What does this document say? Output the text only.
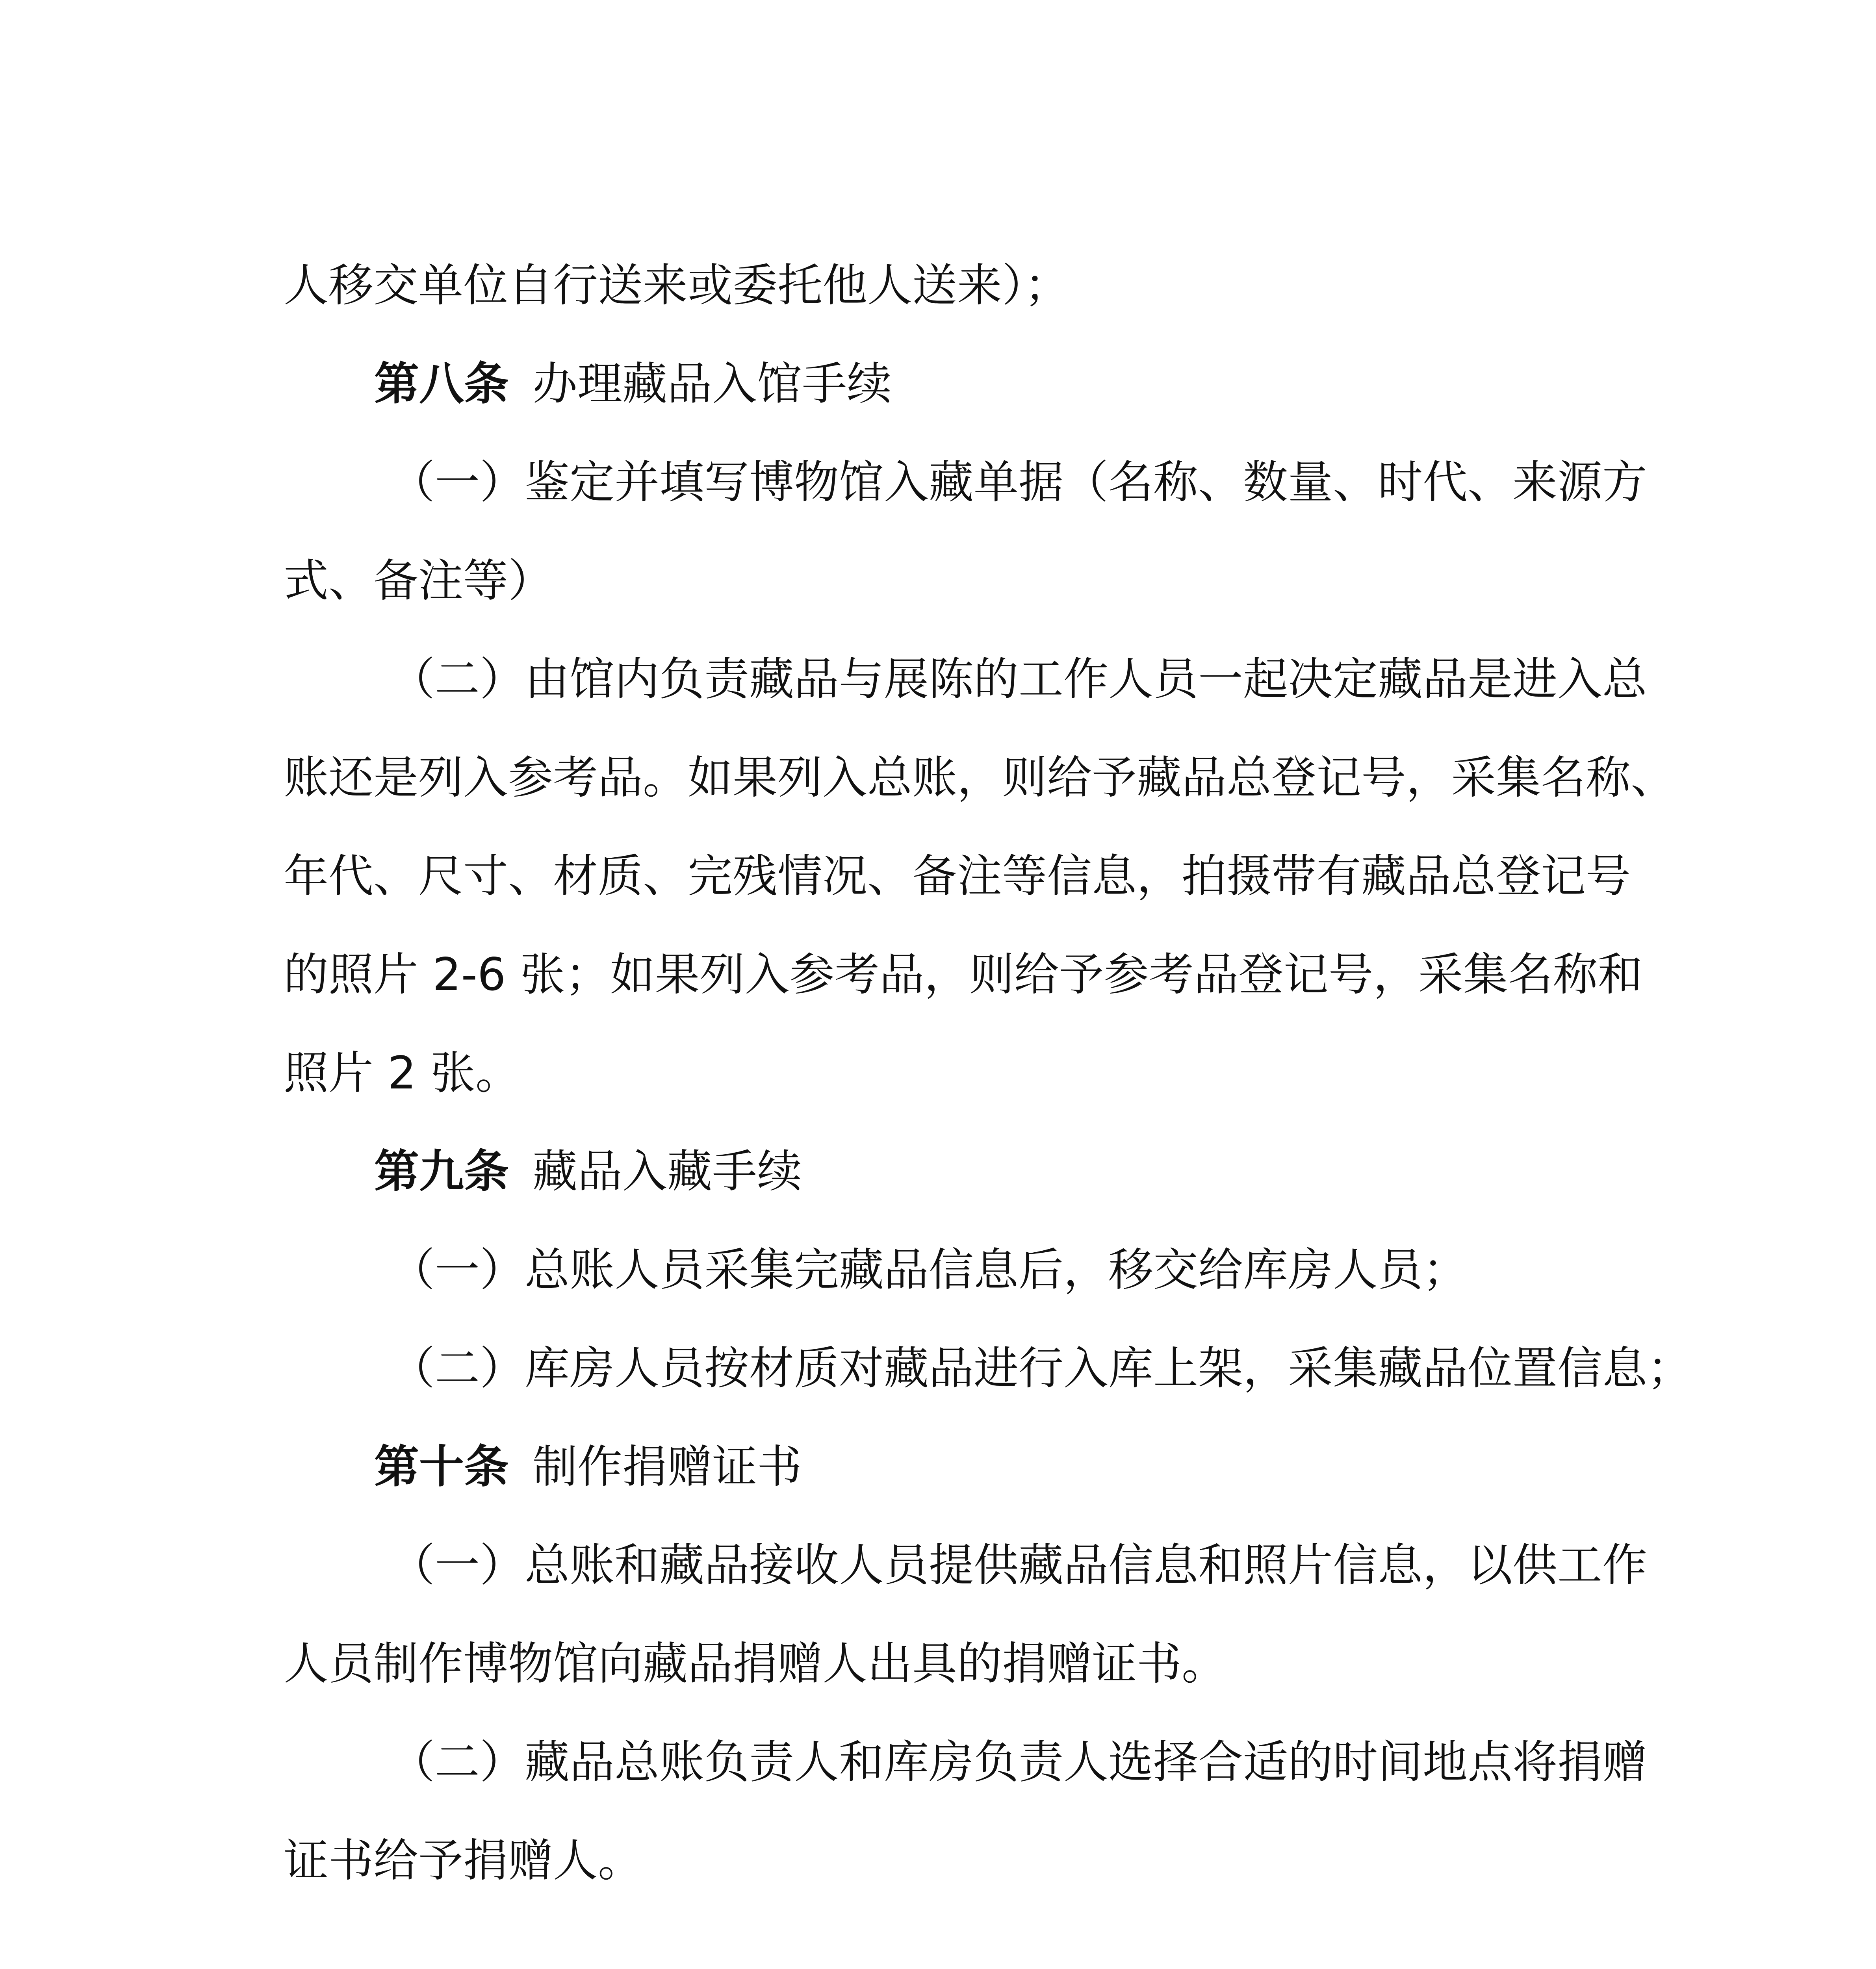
人移交单位自行送来或委托他人送来）；
第八条 办理藏品入馆手续
（一）鉴定并填写博物馆入藏单据（名称、数量、时代、来源方
式、备注等）
（二）由馆内负责藏品与展陈的工作人员一起决定藏品是进入总
账还是列入参考品。如果列入总账，则给予藏品总登记号，采集名称、
年代、尺寸、材质、完残情况、备注等信息，拍摄带有藏品总登记号
的照片 2-6 张；如果列入参考品，则给予参考品登记号，采集名称和
照片 2 张。
第九条 藏品入藏手续
（一）总账人员采集完藏品信息后，移交给库房人员；
（二）库房人员按材质对藏品进行入库上架，采集藏品位置信息；
第十条 制作捐赠证书
（一）总账和藏品接收人员提供藏品信息和照片信息，以供工作
人员制作博物馆向藏品捐赠人出具的捐赠证书。
（二）藏品总账负责人和库房负责人选择合适的时间地点将捐赠
证书给予捐赠人。
